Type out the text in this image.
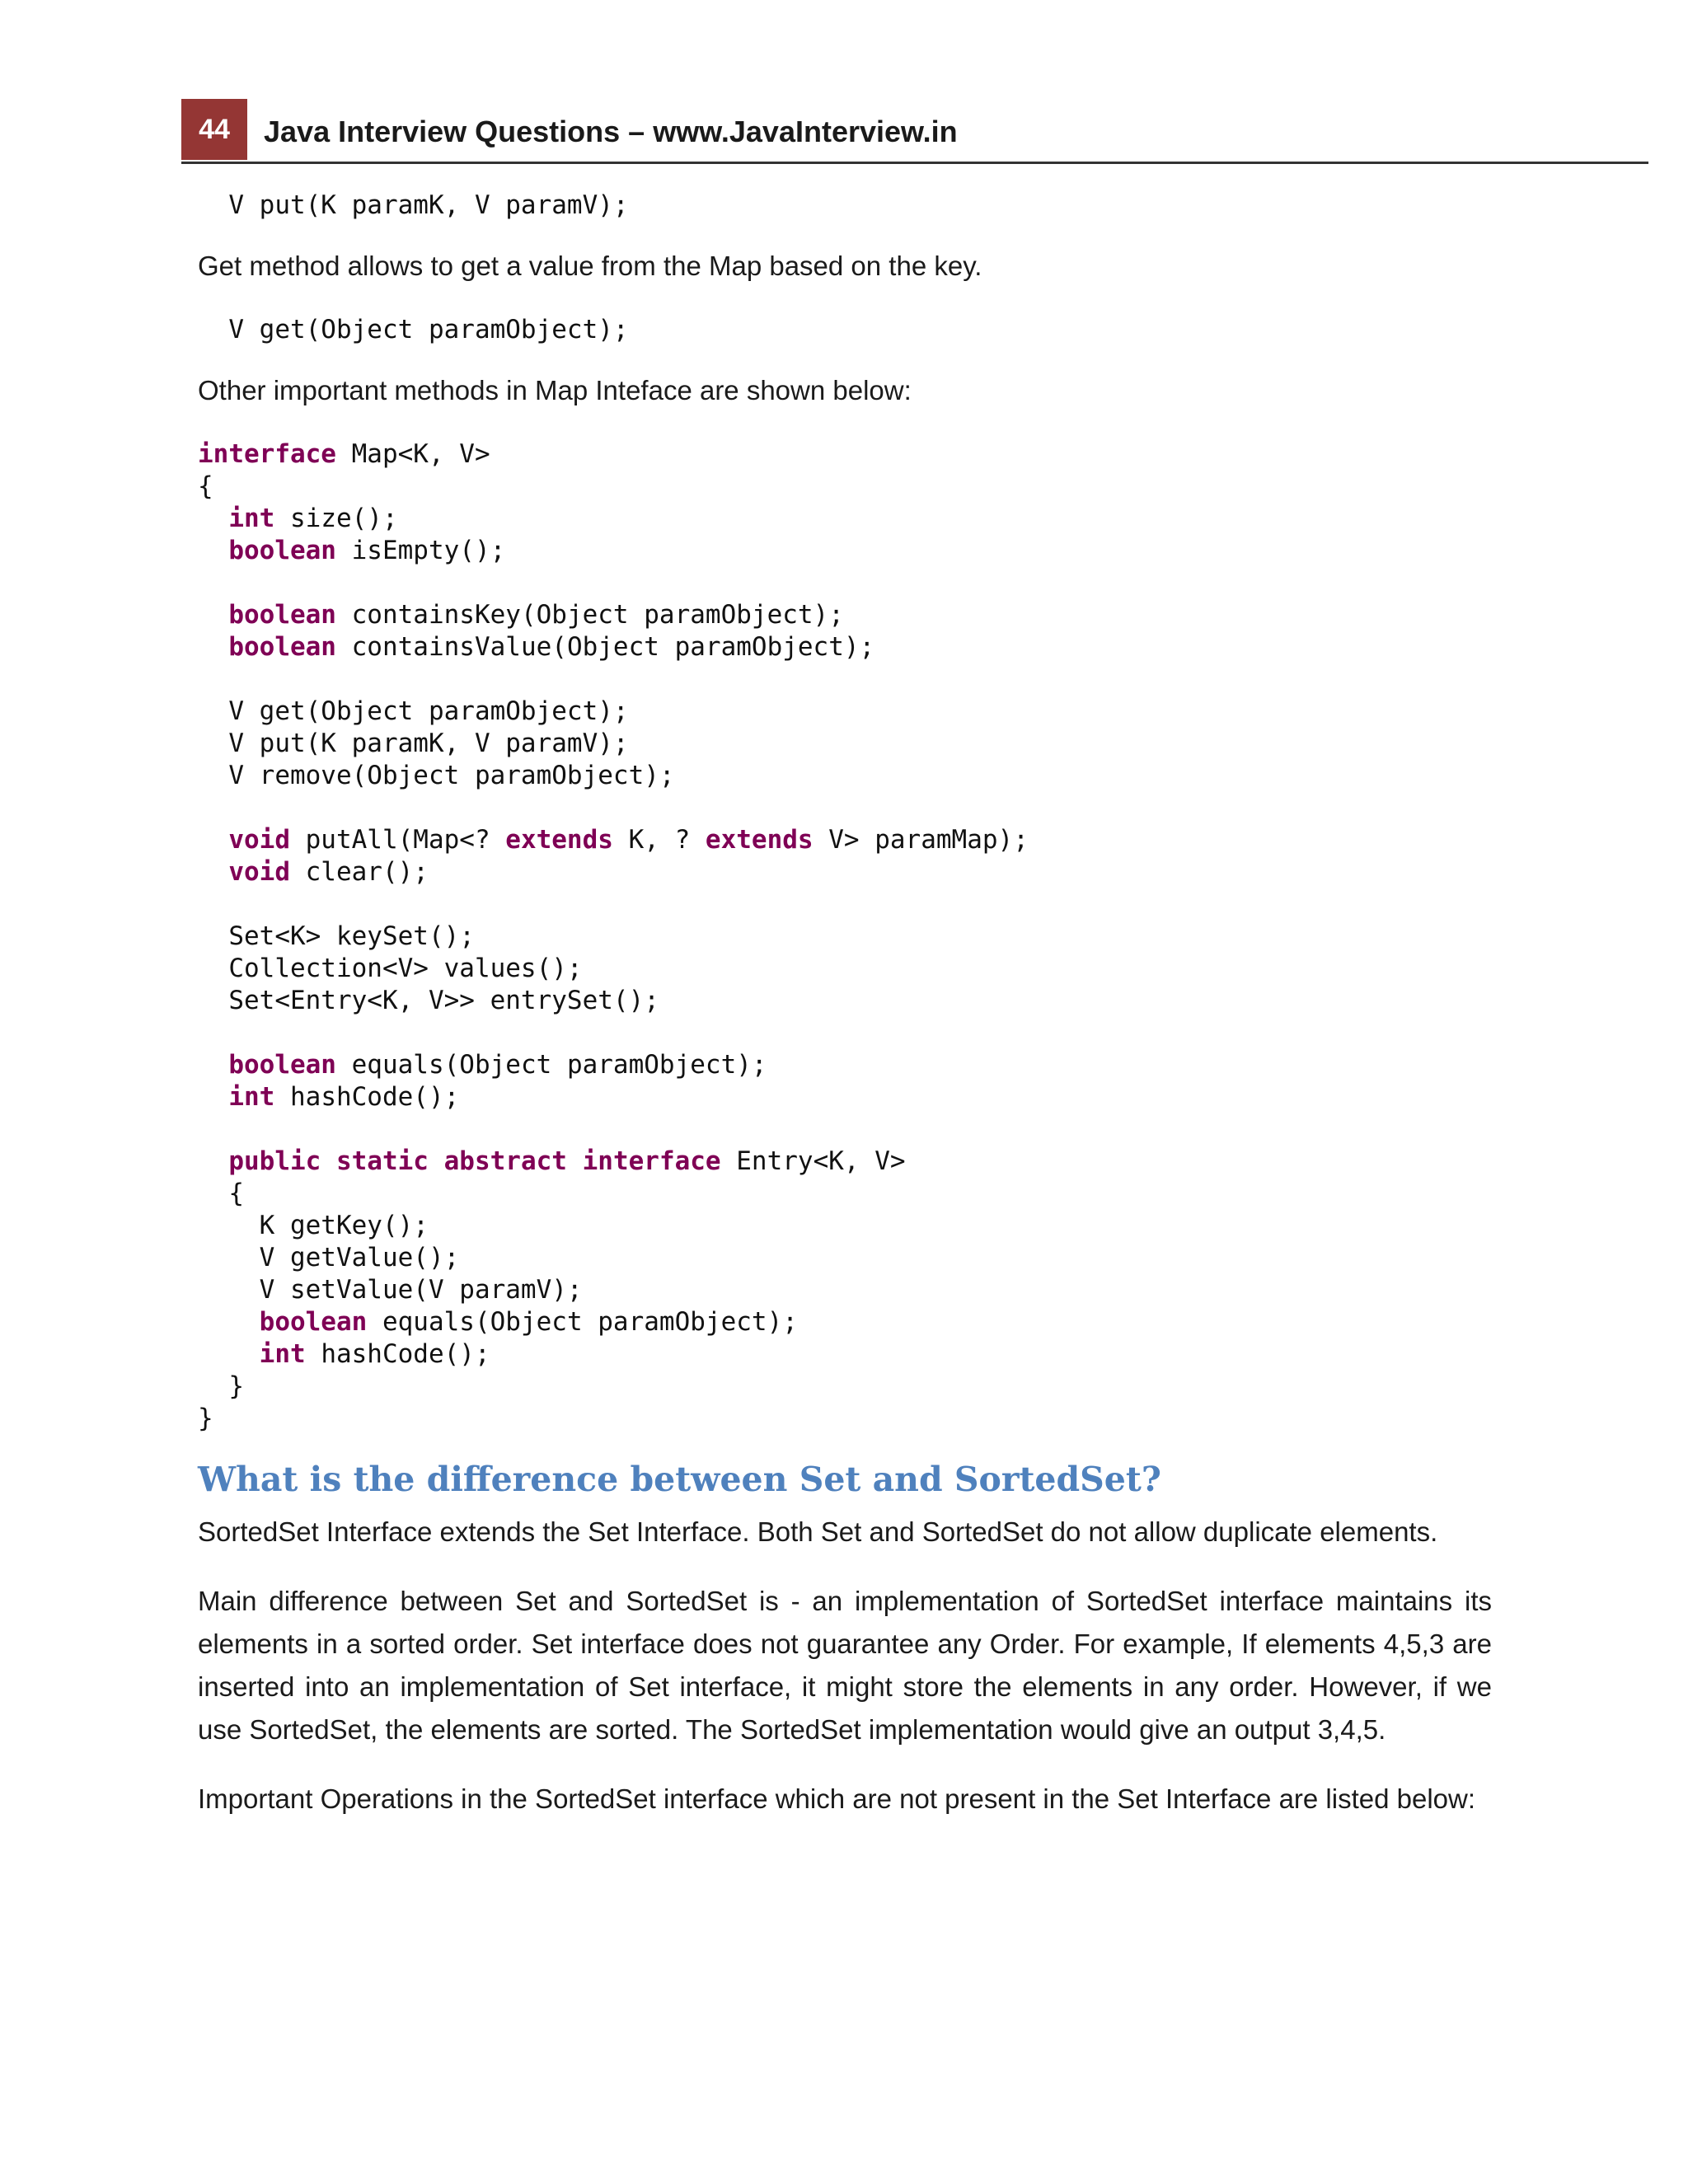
44	Java Interview Questions – www.JavaInterview.in
V put(K paramK, V paramV);

Get method allows to get a value from the Map based on the key.

V get(Object paramObject);

Other important methods in Map Inteface are shown below:

interface Map<K, V>
{
int size();
boolean isEmpty();

boolean containsKey(Object paramObject);
boolean containsValue(Object paramObject);

V get(Object paramObject);
V put(K paramK, V paramV);
V remove(Object paramObject);

void putAll(Map<? extends K, ? extends V> paramMap);
void clear();

Set<K> keySet();
Collection<V> values();
Set<Entry<K, V>> entrySet();

boolean equals(Object paramObject);
int hashCode();

public static abstract interface Entry<K, V>
{
K getKey();
V getValue();
V setValue(V paramV);
boolean equals(Object paramObject);
int hashCode();
}
}
What is the difference between Set and SortedSet?

SortedSet Interface extends the Set Interface. Both Set and SortedSet do not allow duplicate elements.

Main difference between Set and SortedSet is - an implementation of SortedSet interface maintains its elements in a sorted order. Set interface does not guarantee any Order. For example, If elements 4,5,3 are inserted into an implementation of Set interface, it might store the elements in any order. However, if we use SortedSet, the elements are sorted. The SortedSet implementation would give an output 3,4,5.

Important Operations in the SortedSet interface which are not present in the Set Interface are listed below:
